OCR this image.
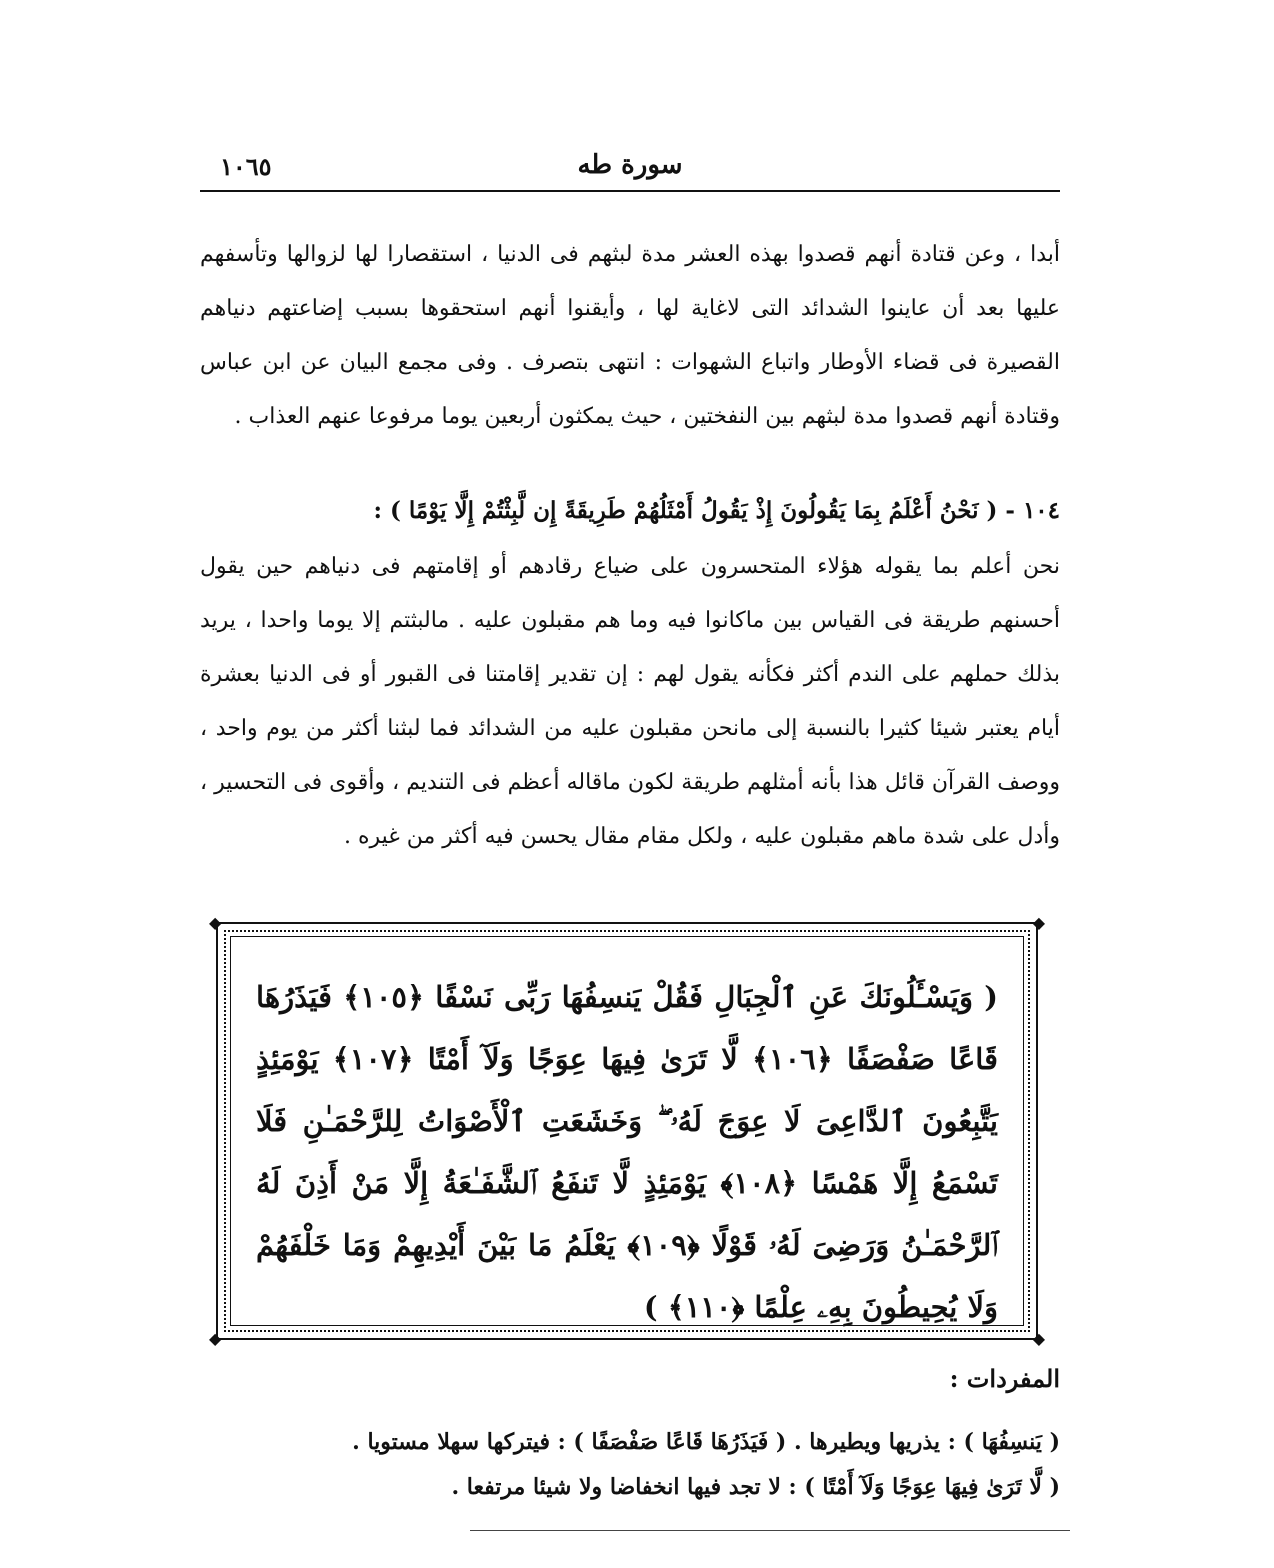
سورة طه
١٠٦٥
أبدا ، وعن قتادة أنهم قصدوا بهذه العشر مدة لبثهم فى الدنيا ، استقصارا لها لزوالها وتأسفهم عليها بعد أن عاينوا الشدائد التى لاغاية لها ، وأيقنوا أنهم استحقوها بسبب إضاعتهم دنياهم القصيرة فى قضاء الأوطار واتباع الشهوات : انتهى بتصرف . وفى مجمع البيان عن ابن عباس وقتادة أنهم قصدوا مدة لبثهم بين النفختين ، حيث يمكثون أربعين يوما مرفوعا عنهم العذاب .
١٠٤ - ( نَحْنُ أَعْلَمُ بِمَا يَقُولُونَ إِذْ يَقُولُ أَمْثَلُهُمْ طَرِيقَةً إِن لَّبِثْتُمْ إِلَّا يَوْمًا ) :
نحن أعلم بما يقوله هؤلاء المتحسرون على ضياع رقادهم أو إقامتهم فى دنياهم حين يقول أحسنهم طريقة فى القياس بين ماكانوا فيه وما هم مقبلون عليه . مالبثتم إلا يوما واحدا ، يريد بذلك حملهم على الندم أكثر فكأنه يقول لهم : إن تقدير إقامتنا فى القبور أو فى الدنيا بعشرة أيام يعتبر شيئا كثيرا بالنسبة إلى مانحن مقبلون عليه من الشدائد فما لبثنا أكثر من يوم واحد ، ووصف القرآن قائل هذا بأنه أمثلهم طريقة لكون ماقاله أعظم فى التنديم ، وأقوى فى التحسير ، وأدل على شدة ماهم مقبلون عليه ، ولكل مقام مقال يحسن فيه أكثر من غيره .
◆	◆
◆	◆
( وَيَسْـَٔلُونَكَ عَنِ ٱلْجِبَالِ فَقُلْ يَنسِفُهَا رَبِّى نَسْفًا ﴿١٠٥﴾ فَيَذَرُهَا قَاعًا صَفْصَفًا ﴿١٠٦﴾ لَّا تَرَىٰ فِيهَا عِوَجًا وَلَآ أَمْتًا ﴿١٠٧﴾ يَوْمَئِذٍ يَتَّبِعُونَ ٱلدَّاعِىَ لَا عِوَجَ لَهُۥ ۖ وَخَشَعَتِ ٱلْأَصْوَاتُ لِلرَّحْمَـٰنِ فَلَا تَسْمَعُ إِلَّا هَمْسًا ﴿١٠٨﴾ يَوْمَئِذٍ لَّا تَنفَعُ ٱلشَّفَـٰعَةُ إِلَّا مَنْ أَذِنَ لَهُ ٱلرَّحْمَـٰنُ وَرَضِىَ لَهُۥ قَوْلًا ﴿١٠٩﴾ يَعْلَمُ مَا بَيْنَ أَيْدِيهِمْ وَمَا خَلْفَهُمْ وَلَا يُحِيطُونَ بِهِۦ عِلْمًا ﴿١١٠﴾ )
المفردات :
( يَنسِفُهَا ) : يذريها ويطيرها . ( فَيَذَرُهَا قَاعًا صَفْصَفًا ) : فيتركها سهلا مستويا .
( لَّا تَرَىٰ فِيهَا عِوَجًا وَلَآ أَمْتًا ) : لا تجد فيها انخفاضا ولا شيئا مرتفعا .
